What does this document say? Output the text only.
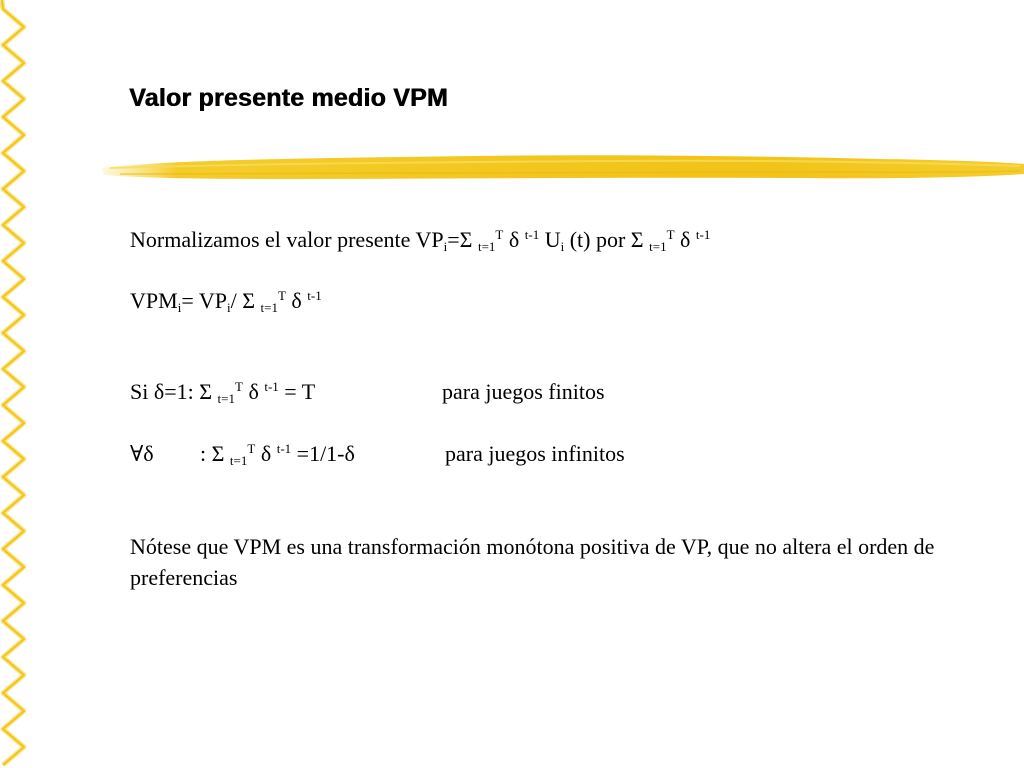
Valor presente medio VPM

Normalizamos el valor presente $VP_i=\Sigma$ $_{t=1}^T$ δ $^{t-1}$ $U_i$ (t) por Σ $_{t=1}^T$ δ $^{t-1}$

$VPM_i= VP_i/$ Σ $_{t=1}^T$ δ $^{t-1}$

Si δ=1: Σ $_{t=1}^T$ δ $^{t-1}$ = T	para juegos finitos

∀δ : Σ $_{t=1}^T$ δ $^{t-1}$ =1/1-δ	para juegos infinitos

Nótese que VPM es una transformación monótona positiva de VP, que no altera el orden de preferencias
